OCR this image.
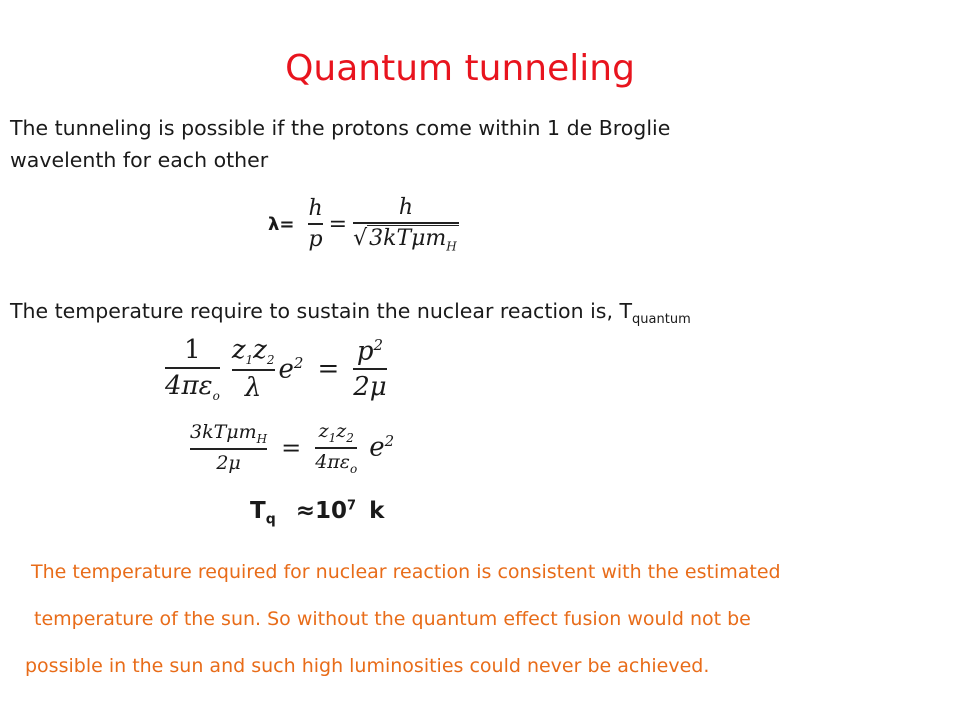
Quantum tunneling
The tunneling is possible if the protons come within 1 de Broglie
wavelenth for each other
$\lambda= \frac{h}{p} = \frac{h}{√3kT\mu m_H}$
The temperature require to sustain the nuclear reaction is, $T_{quantum}$
$\frac{1}{4\pi\varepsilon_o} \frac{z_1z_2}{\lambda} e^2 = \frac{p^2}{2\mu}$
$\frac{3kT\mu m_H}{2\mu} = \frac{z_1z_2}{4\pi\varepsilon_o} e^2$
$T_q \approx 10^7$ k
The temperature required for nuclear reaction is consistent with the estimated
temperature of the sun. So without the quantum effect fusion would not be
possible in the sun and such high luminosities could never be achieved.
